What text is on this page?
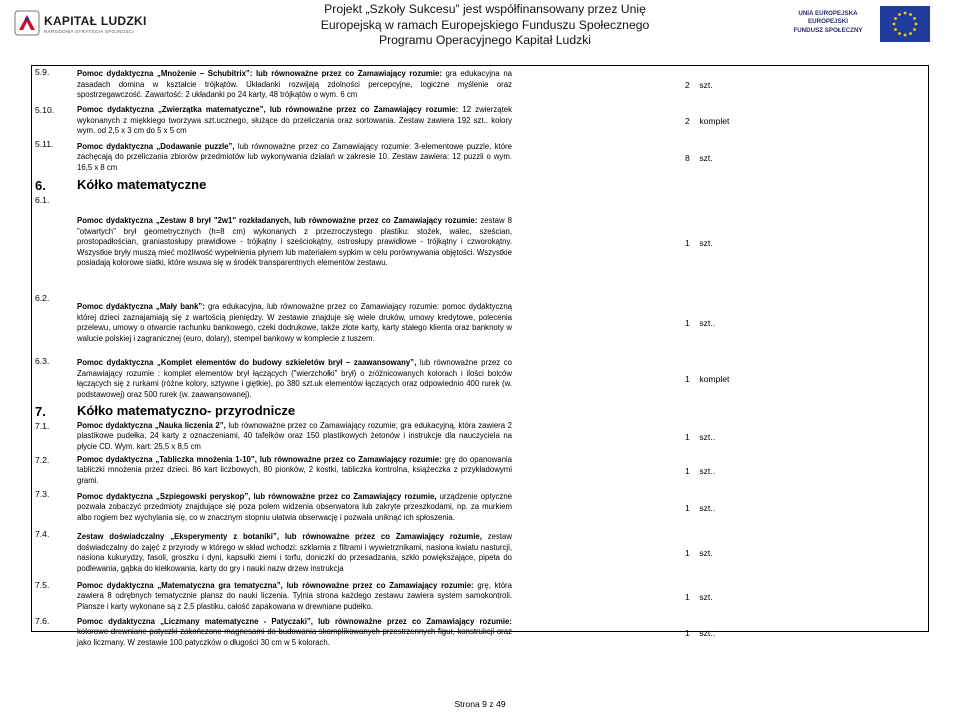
KAPITAŁ LUDZKI
NARODOWA STRATEGIA SPÓJNOŚCI
Projekt „Szkoły Sukcesu” jest współfinansowany przez Unię
Europejską w ramach Europejskiego Funduszu Społecznego
Programu Operacyjnego Kapitał Ludzki
UNIA EUROPEJSKA
EUROPEJSKI
FUNDUSZ SPOŁECZNY
5.9.	Pomoc dydaktyczna „Mnożenie – Schubitrix”: lub równoważne przez co Zamawiający rozumie: gra edukacyjna na zasadach domina w kształcie trójkątów. Układanki rozwijają zdolności percepcyjne, logiczne myślenie oraz spostrzegawczość. Zawartość: 2 układanki po 24 karty, 48 trójkątów o wym. 6 cm		2    szt.
5.10.	Pomoc dydaktyczna „Zwierzątka matematyczne”, lub równoważne przez co Zamawiający rozumie: 12 zwierzątek wykonanych z miękkiego tworzywa szt.ucznego, służące do przeliczania oraz sortowania. Zestaw zawiera 192 szt.. kolory wym. od 2,5 x 3 cm do 5 x 5 cm		2    komplet
5.11.	Pomoc dydaktyczna „Dodawanie puzzle”, lub równoważne przez co Zamawiający rozumie: 3-elementowe puzzle, które zachęcają do przeliczania zbiorów przedmiotów lub wykonywania działań w zakresie 10. Zestaw zawiera: 12 puzzli o wym. 16,5 x 8 cm		8    szt.
6.	Kółko matematyczne		
6.1.	Pomoc dydaktyczna „Zestaw 8 brył "2w1" rozkładanych, lub równoważne przez co Zamawiający rozumie: zestaw 8 "otwartych" brył geometrycznych (h=8 cm) wykonanych z przezroczystego plastiku: stożek, walec, sześcian, prostopadłościan, graniastosłupy prawidłowe - trójkątny i sześciokątny, ostrosłupy prawidłowe - trójkątny i czworokątny. Wszystkie bryły muszą mieć możliwość wypełnienia płynem lub materiałem sypkim w celu porównywania objętości. Wszystkie posiadają kolorowe siatki, które wsuwa się w środek transparentnych elementów zestawu.		1    szt.
6.2.	Pomoc dydaktyczna „Mały bank”: gra edukacyjna, lub równoważne przez co Zamawiający rozumie: pomoc dydaktyczną której dzieci zaznajamiają się z wartością pieniędzy. W zestawie znajduje się wiele druków, umowy kredytowe, polecenia przelewu, umowy o otwarcie rachunku bankowego, czeki dodrukowe, także złote karty, karty stałego klienta oraz banknoty w walucie polskiej i zagranicznej (euro, dolary), stempel bankowy w komplecie z tuszem.		1    szt..
6.3.	Pomoc dydaktyczna „Komplet elementów do budowy szkieletów brył – zaawansowany”, lub równoważne przez co Zamawiający rozumie : komplet elementów brył łączących ("wierzchołki" brył) o zróżnicowanych kolorach i ilości bolców łączących się z rurkami (różne kolory, sztywne i giętkie), po 380 szt.uk elementów łączących oraz odpowiednio 400 rurek (w. podstawowej) oraz 500 rurek (w. zaawansowanej).		1    komplet
7.	Kółko matematyczno- przyrodnicze		
7.1.	Pomoc dydaktyczna „Nauka liczenia 2”, lub równoważne przez co Zamawiający rozumie; gra edukacyjną, która zawiera 2 plastikowe pudełka, 24 karty z oznaczeniami, 40 tafelków oraz 150 plastikowych żetonów i instrukcje dla nauczyciela na płycie CD. Wym. kart: 25,5 x 8,5 cm		1    szt..
7.2.	Pomoc dydaktyczna „Tabliczka mnożenia 1-10”, lub równoważne przez co Zamawiający rozumie: grę do opanowania tabliczki mnożenia przez dzieci. 86 kart liczbowych, 80 pionków, 2 kostki, tabliczka kontrolna, książeczka z przykładowymi grami.		1    szt..
7.3.	Pomoc dydaktyczna „Szpiegowski peryskop”, lub równoważne przez co Zamawiający rozumie, urządzenie optyczne pozwala zobaczyć przedmioty znajdujące się poza polem widzenia obserwatora lub zakryte przeszkodami, np. za murkiem albo rogiem bez wychylania się, co w znacznym stopniu ułatwia obserwację i pozwala uniknąć ich spłoszenia.		1    szt..
7.4.	Zestaw doświadczalny „Eksperymenty z botaniki”, lub równoważne przez co Zamawiający rozumie, zestaw doświadczalny do zajęć z przyrody w którego w skład wchodzi: szklarnia z filtrami i wywietrznikami, nasiona kwiatu nasturcji, nasiona kukurydzy, fasoli, groszku i dyni, kapsułki ziemi i torfu, doniczki do przesadzania, szkło powiększające, pipeta do podlewania, gąbka do kiełkowania, karty do gry i nauki nazw drzew instrukcja		1    szt.
7.5.	Pomoc dydaktyczna „Matematyczna gra tematyczna”, lub równoważne przez co Zamawiający rozumie: grę, która zawiera 8 odrębnych tematycznie plansz do nauki liczenia. Tylnia strona każdego zestawu zawiera system samokontroli. Plansze i karty wykonane są z 2,5 plastiku, całość zapakowana w drewniane pudełko.		1    szt.
7.6.	Pomoc dydaktyczna „Liczmany matematyczne - Patyczaki”, lub równoważne przez co Zamawiający rozumie: kolorowe drewniane patyczki zakończone magnesami do budowania skomplikowanych przestrzennych figur, konstrukcji oraz jako liczmany. W zestawie 100 patyczków o długości 30 cm w 5 kolorach.		1    szt..
Strona 9 z 49
